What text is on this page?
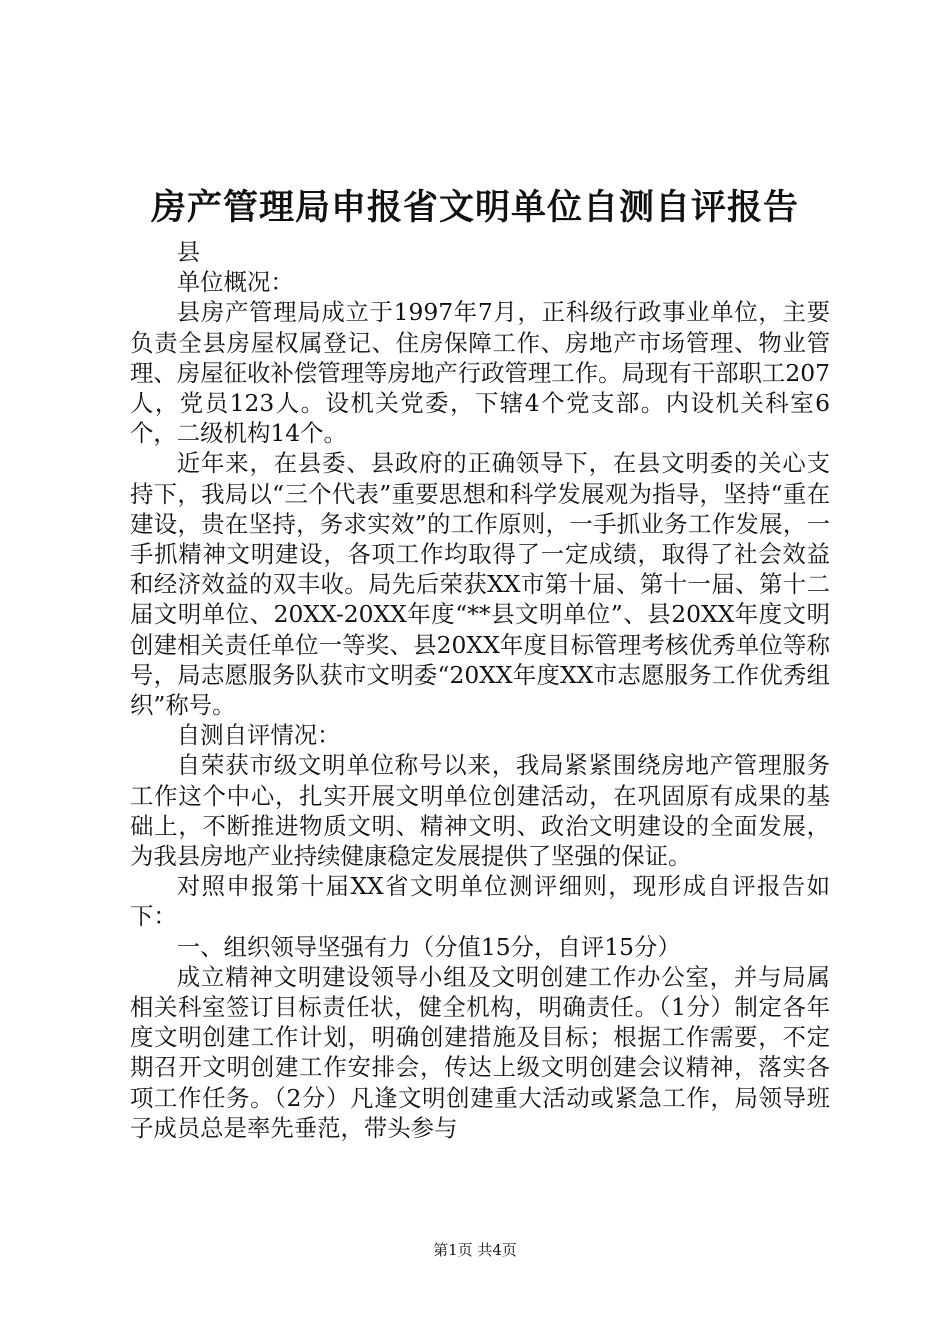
房产管理局申报省文明单位自测自评报告

县

单位概况：

县房产管理局成立于1997年7月，正科级行政事业单位，主要负责全县房屋权属登记、住房保障工作、房地产市场管理、物业管理、房屋征收补偿管理等房地产行政管理工作。局现有干部职工207人，党员123人。设机关党委，下辖4个党支部。内设机关科室6个，二级机构14个。

近年来，在县委、县政府的正确领导下，在县文明委的关心支持下，我局以“三个代表”重要思想和科学发展观为指导，坚持“重在建设，贵在坚持，务求实效”的工作原则，一手抓业务工作发展，一手抓精神文明建设，各项工作均取得了一定成绩，取得了社会效益和经济效益的双丰收。局先后荣获XX市第十届、第十一届、第十二届文明单位、20XX-20XX年度“**县文明单位”、县20XX年度文明创建相关责任单位一等奖、县20XX年度目标管理考核优秀单位等称号，局志愿服务队获市文明委“20XX年度XX市志愿服务工作优秀组织”称号。

自测自评情况：

自荣获市级文明单位称号以来，我局紧紧围绕房地产管理服务工作这个中心，扎实开展文明单位创建活动，在巩固原有成果的基础上，不断推进物质文明、精神文明、政治文明建设的全面发展，为我县房地产业持续健康稳定发展提供了坚强的保证。

对照申报第十届XX省文明单位测评细则，现形成自评报告如下：

一、组织领导坚强有力（分值15分，自评15分）

成立精神文明建设领导小组及文明创建工作办公室，并与局属相关科室签订目标责任状，健全机构，明确责任。（1分）制定各年度文明创建工作计划，明确创建措施及目标；根据工作需要，不定期召开文明创建工作安排会，传达上级文明创建会议精神，落实各项工作任务。（2分）凡逢文明创建重大活动或紧急工作，局领导班子成员总是率先垂范，带头参与

第1页 共4页
